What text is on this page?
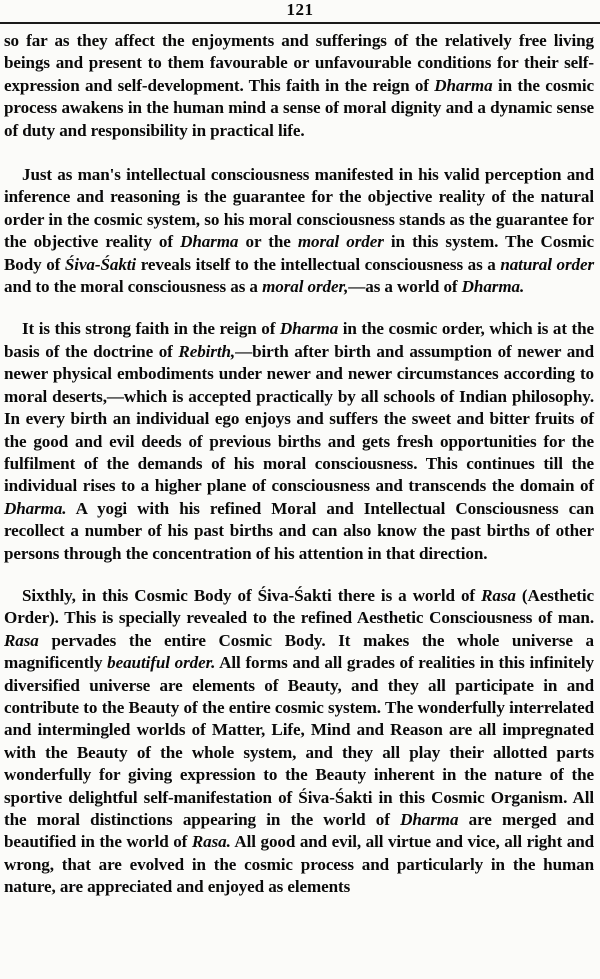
121

so far as they affect the enjoyments and sufferings of the relatively free living beings and present to them favourable or unfavourable conditions for their self-expression and self-development. This faith in the reign of Dharma in the cosmic process awakens in the human mind a sense of moral dignity and a dynamic sense of duty and responsibility in practical life.

Just as man's intellectual consciousness manifested in his valid perception and inference and reasoning is the guarantee for the objective reality of the natural order in the cosmic system, so his moral consciousness stands as the guarantee for the objective reality of Dharma or the moral order in this system. The Cosmic Body of Śiva-Śakti reveals itself to the intellectual consciousness as a natural order and to the moral consciousness as a moral order,—as a world of Dharma.

It is this strong faith in the reign of Dharma in the cosmic order, which is at the basis of the doctrine of Rebirth,—birth after birth and assumption of newer and newer physical embodiments under newer and newer circumstances according to moral deserts,—which is accepted practically by all schools of Indian philosophy. In every birth an individual ego enjoys and suffers the sweet and bitter fruits of the good and evil deeds of previous births and gets fresh opportunities for the fulfilment of the demands of his moral consciousness. This continues till the individual rises to a higher plane of consciousness and transcends the domain of Dharma. A yogi with his refined Moral and Intellectual Consciousness can recollect a number of his past births and can also know the past births of other persons through the concentration of his attention in that direction.

Sixthly, in this Cosmic Body of Śiva-Śakti there is a world of Rasa (Aesthetic Order). This is specially revealed to the refined Aesthetic Consciousness of man. Rasa pervades the entire Cosmic Body. It makes the whole universe a magnificently beautiful order. All forms and all grades of realities in this infinitely diversified universe are elements of Beauty, and they all participate in and contribute to the Beauty of the entire cosmic system. The wonderfully interrelated and intermingled worlds of Matter, Life, Mind and Reason are all impregnated with the Beauty of the whole system, and they all play their allotted parts wonderfully for giving expression to the Beauty inherent in the nature of the sportive delightful self-manifestation of Śiva-Śakti in this Cosmic Organism. All the moral distinctions appearing in the world of Dharma are merged and beautified in the world of Rasa. All good and evil, all virtue and vice, all right and wrong, that are evolved in the cosmic process and particularly in the human nature, are appreciated and enjoyed as elements
